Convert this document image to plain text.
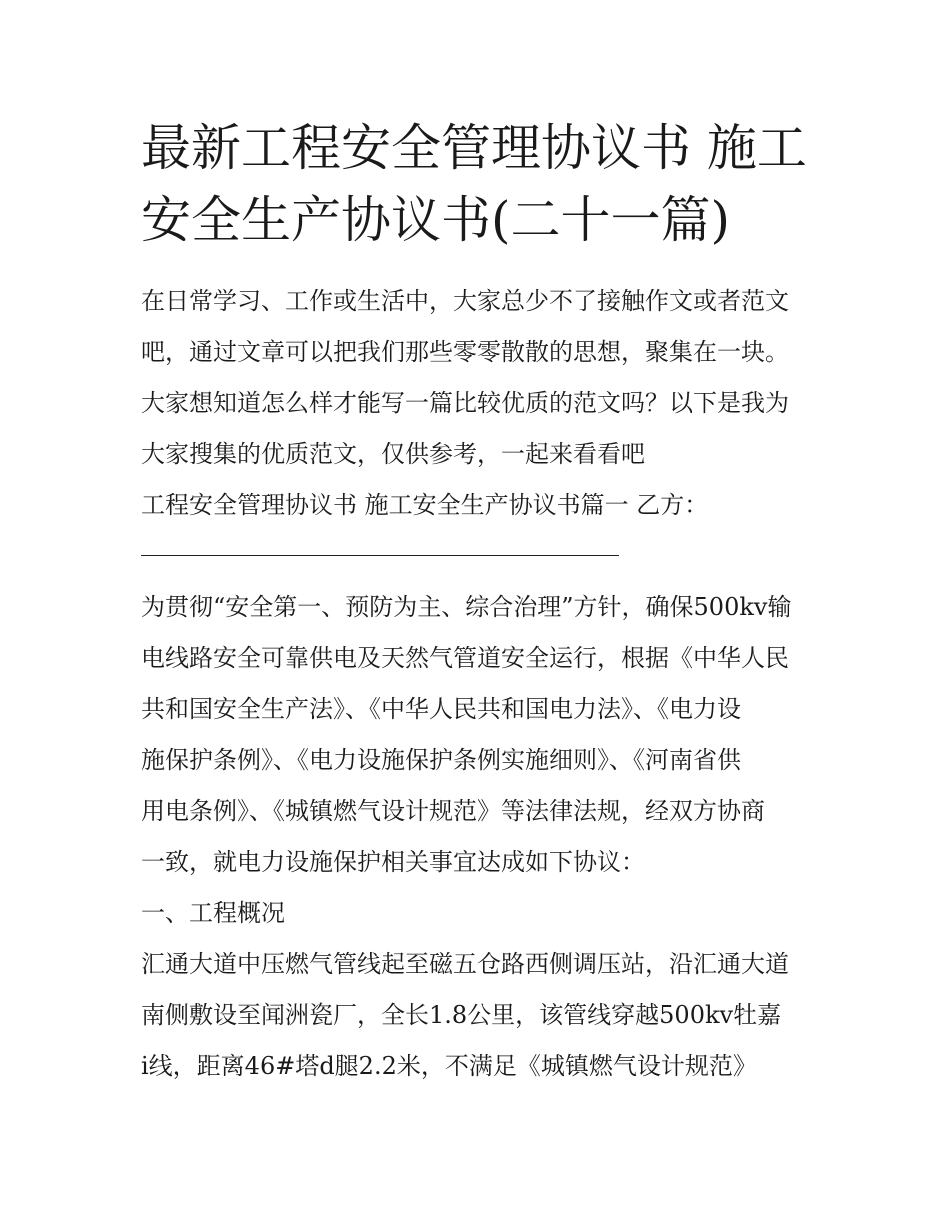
最新工程安全管理协议书 施工
安全生产协议书(二十一篇)

在日常学习、工作或生活中，大家总少不了接触作文或者范文

吧，通过文章可以把我们那些零零散散的思想，聚集在一块。

大家想知道怎么样才能写一篇比较优质的范文吗？以下是我为

大家搜集的优质范文，仅供参考，一起来看看吧

工程安全管理协议书 施工安全生产协议书篇一 乙方：

为贯彻“安全第一、预防为主、综合治理”方针，确保500kv输

电线路安全可靠供电及天然气管道安全运行，根据《中华人民

共和国安全生产法》、《中华人民共和国电力法》、《电力设

施保护条例》、《电力设施保护条例实施细则》、《河南省供

用电条例》、《城镇燃气设计规范》等法律法规，经双方协商

一致，就电力设施保护相关事宜达成如下协议：

一、工程概况

汇通大道中压燃气管线起至磁五仓路西侧调压站，沿汇通大道

南侧敷设至闻洲瓷厂，全长1.8公里，该管线穿越500kv牡嘉

ⅰ线，距离46#塔d腿2.2米，不满足《城镇燃气设计规范》
